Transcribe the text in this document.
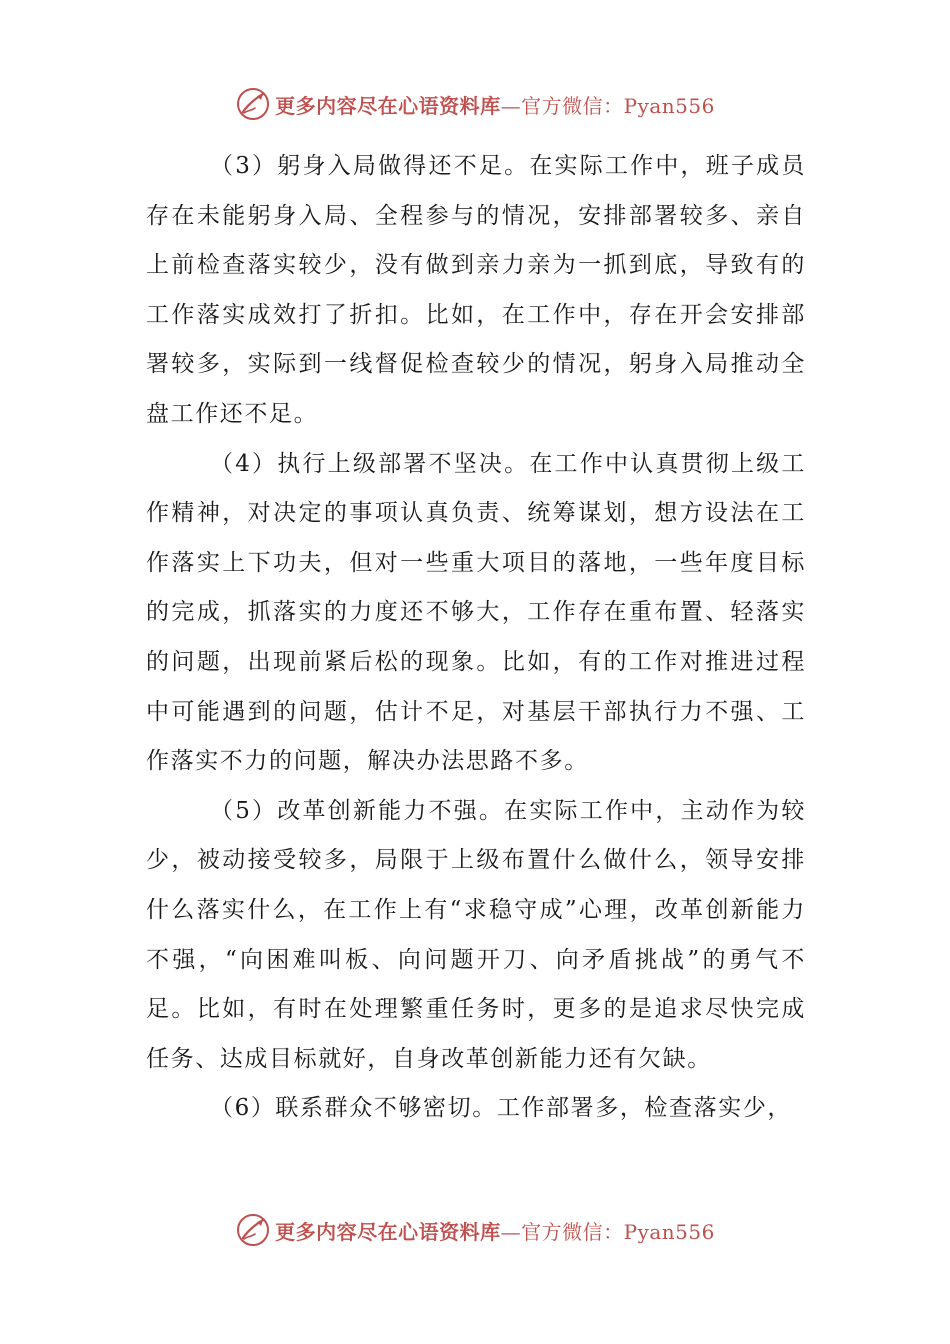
更多内容尽在心语资料库—官方微信：Pyan556

（3）躬身入局做得还不足。在实际工作中，班子成员存在未能躬身入局、全程参与的情况，安排部署较多、亲自上前检查落实较少，没有做到亲力亲为一抓到底，导致有的工作落实成效打了折扣。比如，在工作中，存在开会安排部署较多，实际到一线督促检查较少的情况，躬身入局推动全盘工作还不足。

（4）执行上级部署不坚决。在工作中认真贯彻上级工作精神，对决定的事项认真负责、统筹谋划，想方设法在工作落实上下功夫，但对一些重大项目的落地，一些年度目标的完成，抓落实的力度还不够大，工作存在重布置、轻落实的问题，出现前紧后松的现象。比如，有的工作对推进过程中可能遇到的问题，估计不足，对基层干部执行力不强、工作落实不力的问题，解决办法思路不多。

（5）改革创新能力不强。在实际工作中，主动作为较少，被动接受较多，局限于上级布置什么做什么，领导安排什么落实什么，在工作上有“求稳守成”心理，改革创新能力不强，“向困难叫板、向问题开刀、向矛盾挑战”的勇气不足。比如，有时在处理繁重任务时，更多的是追求尽快完成任务、达成目标就好，自身改革创新能力还有欠缺。

（6）联系群众不够密切。工作部署多，检查落实少，

更多内容尽在心语资料库—官方微信：Pyan556
